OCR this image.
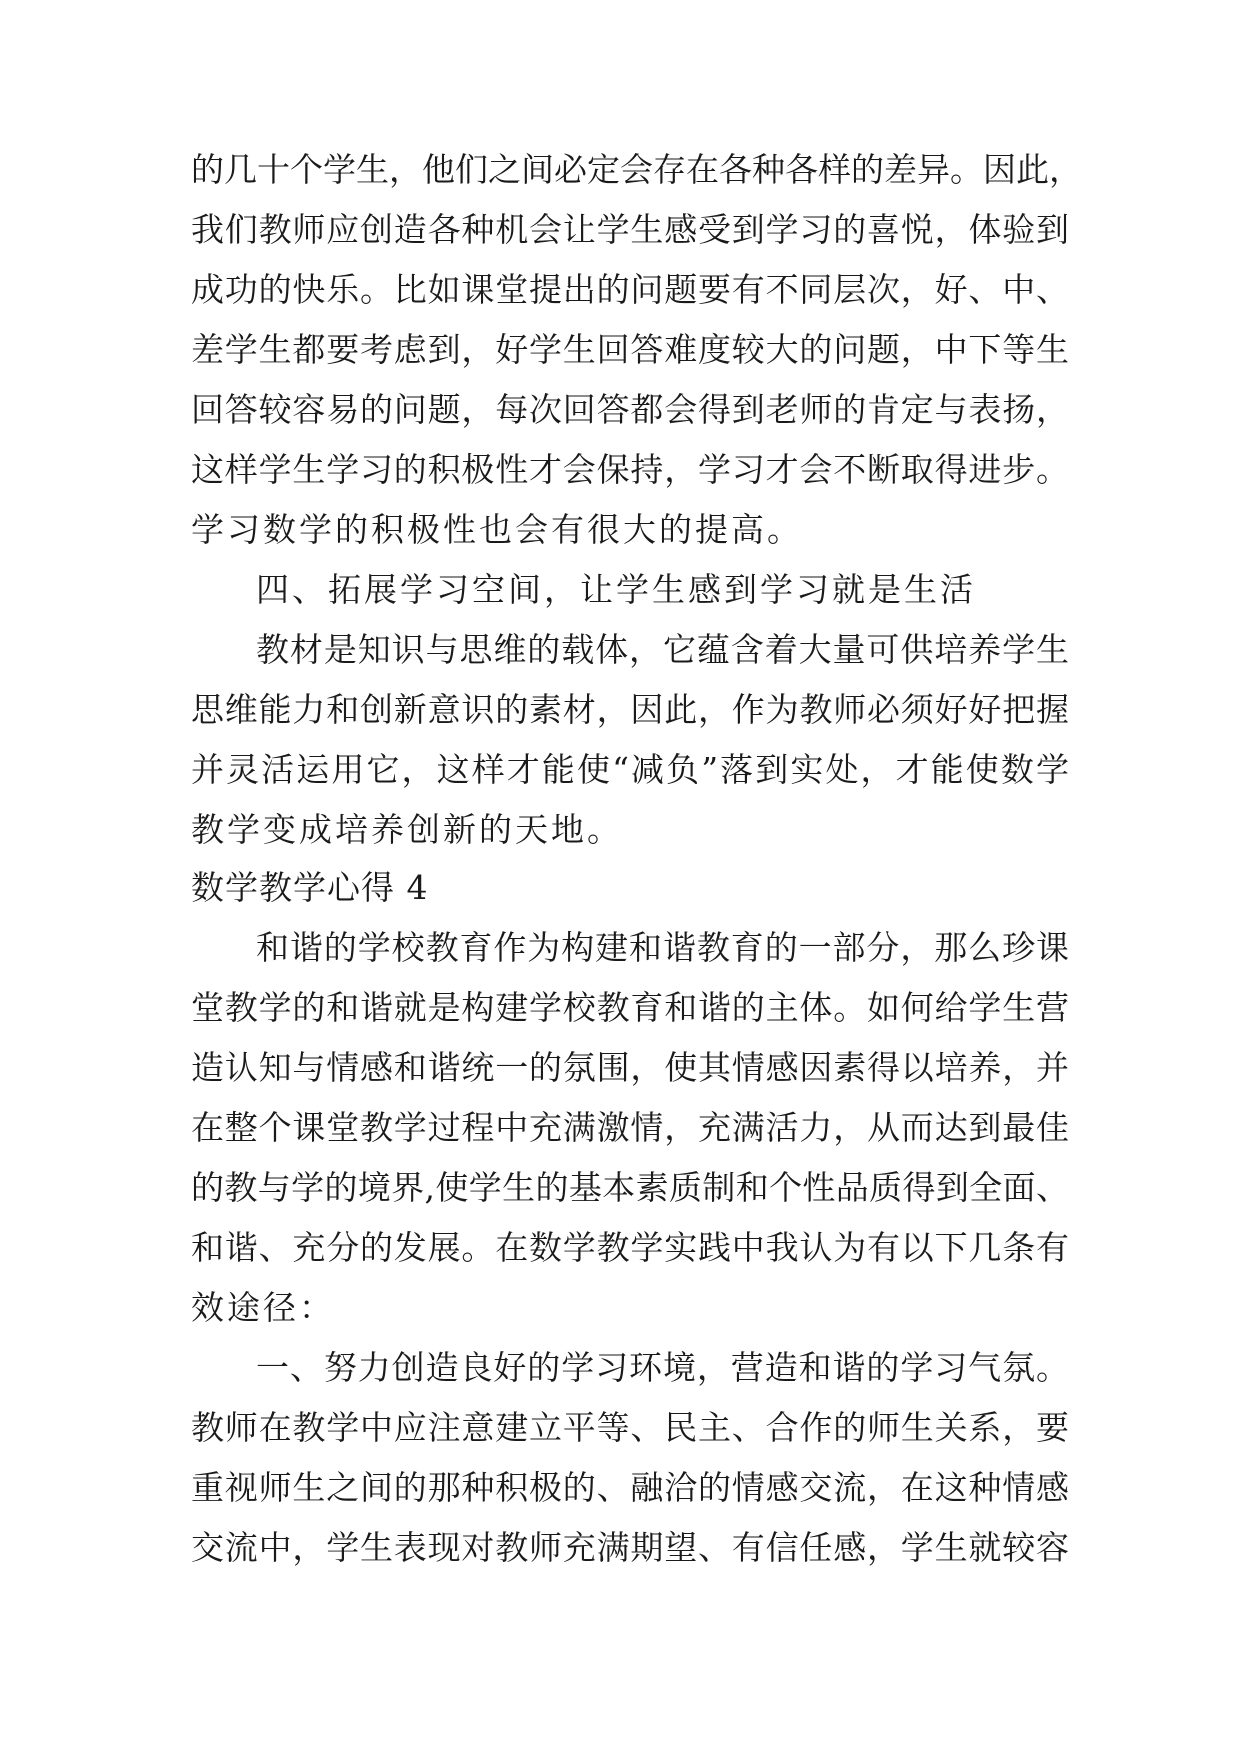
的几十个学生，他们之间必定会存在各种各样的差异。因此，
我们教师应创造各种机会让学生感受到学习的喜悦，体验到
成功的快乐。比如课堂提出的问题要有不同层次，好、中、
差学生都要考虑到，好学生回答难度较大的问题，中下等生
回答较容易的问题，每次回答都会得到老师的肯定与表扬，
这样学生学习的积极性才会保持，学习才会不断取得进步。
学习数学的积极性也会有很大的提高。
四、拓展学习空间，让学生感到学习就是生活
教材是知识与思维的载体，它蕴含着大量可供培养学生
思维能力和创新意识的素材，因此，作为教师必须好好把握
并灵活运用它，这样才能使“减负”落到实处，才能使数学
教学变成培养创新的天地。
数学教学心得 4
和谐的学校教育作为构建和谐教育的一部分，那么珍课
堂教学的和谐就是构建学校教育和谐的主体。如何给学生营
造认知与情感和谐统一的氛围，使其情感因素得以培养，并
在整个课堂教学过程中充满激情，充满活力，从而达到最佳
的教与学的境界,使学生的基本素质制和个性品质得到全面、
和谐、充分的发展。在数学教学实践中我认为有以下几条有
效途径：
一、努力创造良好的学习环境，营造和谐的学习气氛。
教师在教学中应注意建立平等、民主、合作的师生关系，要
重视师生之间的那种积极的、融洽的情感交流，在这种情感
交流中，学生表现对教师充满期望、有信任感，学生就较容
